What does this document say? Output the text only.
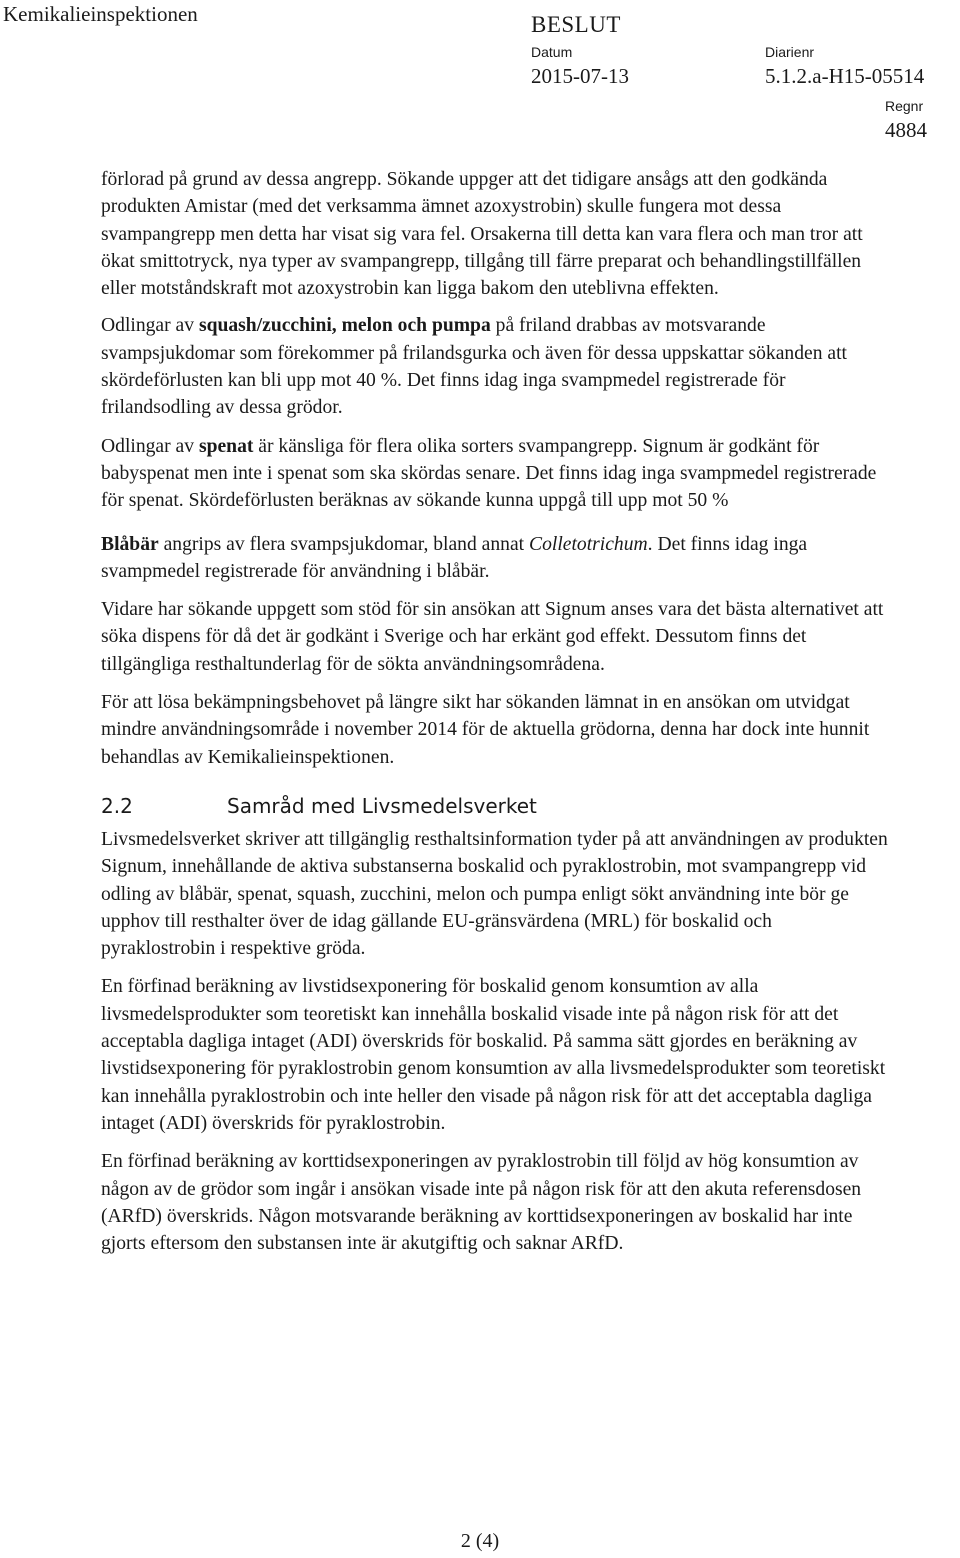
Kemikalieinspektionen	BESLUT
Datum
2015-07-13
Diarienr
5.1.2.a-H15-05514
Regnr
4884

förlorad på grund av dessa angrepp. Sökande uppger att det tidigare ansågs att den godkända produkten Amistar (med det verksamma ämnet azoxystrobin) skulle fungera mot dessa svampangrepp men detta har visat sig vara fel. Orsakerna till detta kan vara flera och man tror att ökat smittotryck, nya typer av svampangrepp, tillgång till färre preparat och behandlingstillfällen eller motståndskraft mot azoxystrobin kan ligga bakom den uteblivna effekten.

Odlingar av squash/zucchini, melon och pumpa på friland drabbas av motsvarande svampsjukdomar som förekommer på frilandsgurka och även för dessa uppskattar sökanden att skördeförlusten kan bli upp mot 40 %. Det finns idag inga svampmedel registrerade för frilandsodling av dessa grödor.

Odlingar av spenat är känsliga för flera olika sorters svampangrepp. Signum är godkänt för babyspenat men inte i spenat som ska skördas senare. Det finns idag inga svampmedel registrerade för spenat. Skördeförlusten beräknas av sökande kunna uppgå till upp mot 50 %

Blåbär angrips av flera svampsjukdomar, bland annat Colletotrichum. Det finns idag inga svampmedel registrerade för användning i blåbär.

Vidare har sökande uppgett som stöd för sin ansökan att Signum anses vara det bästa alternativet att söka dispens för då det är godkänt i Sverige och har erkänt god effekt. Dessutom finns det tillgängliga resthaltunderlag för de sökta användningsområdena.

För att lösa bekämpningsbehovet på längre sikt har sökanden lämnat in en ansökan om utvidgat mindre användningsområde i november 2014 för de aktuella grödorna, denna har dock inte hunnit behandlas av Kemikalieinspektionen.

2.2	Samråd med Livsmedelsverket

Livsmedelsverket skriver att tillgänglig resthaltsinformation tyder på att användningen av produkten Signum, innehållande de aktiva substanserna boskalid och pyraklostrobin, mot svampangrepp vid odling av blåbär, spenat, squash, zucchini, melon och pumpa enligt sökt användning inte bör ge upphov till resthalter över de idag gällande EU-gränsvärdena (MRL) för boskalid och pyraklostrobin i respektive gröda.

En förfinad beräkning av livstidsexponering för boskalid genom konsumtion av alla livsmedelsprodukter som teoretiskt kan innehålla boskalid visade inte på någon risk för att det acceptabla dagliga intaget (ADI) överskrids för boskalid. På samma sätt gjordes en beräkning av livstidsexponering för pyraklostrobin genom konsumtion av alla livsmedelsprodukter som teoretiskt kan innehålla pyraklostrobin och inte heller den visade på någon risk för att det acceptabla dagliga intaget (ADI) överskrids för pyraklostrobin.

En förfinad beräkning av korttidsexponeringen av pyraklostrobin till följd av hög konsumtion av någon av de grödor som ingår i ansökan visade inte på någon risk för att den akuta referensdosen (ARfD) överskrids. Någon motsvarande beräkning av korttidsexponeringen av boskalid har inte gjorts eftersom den substansen inte är akutgiftig och saknar ARfD.

2 (4)
